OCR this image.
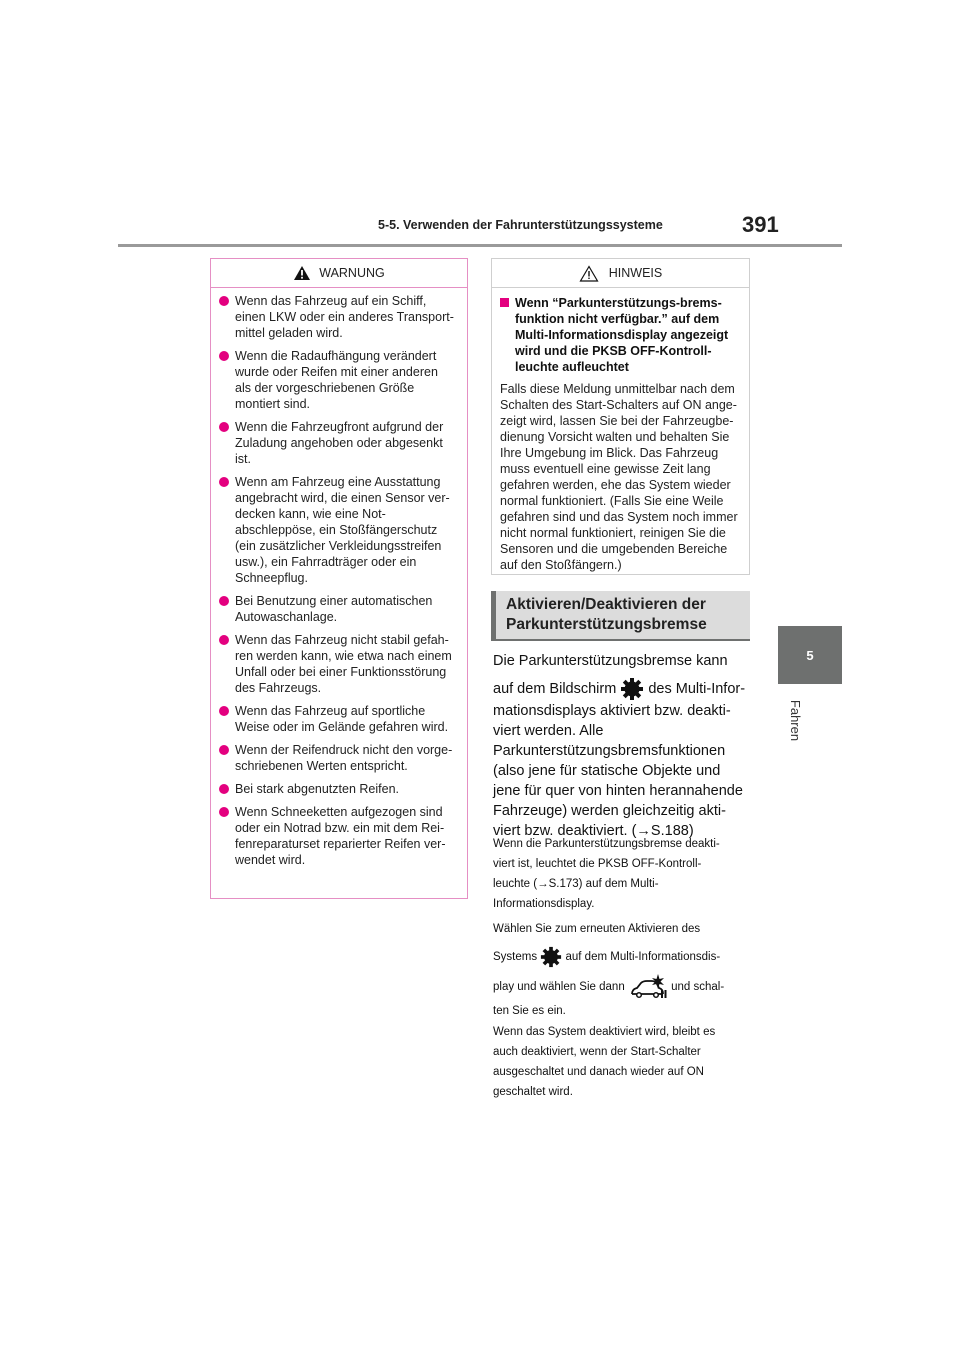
5-5. Verwenden der Fahrunterstützungssysteme	391
5
Fahren
WARNUNG
Wenn das Fahrzeug auf ein Schiff, einen LKW oder ein anderes Transport-mittel geladen wird.
Wenn die Radaufhängung verändert wurde oder Reifen mit einer anderen als der vorgeschriebenen Größe montiert sind.
Wenn die Fahrzeugfront aufgrund der Zuladung angehoben oder abgesenkt ist.
Wenn am Fahrzeug eine Ausstattung angebracht wird, die einen Sensor ver-decken kann, wie eine Not-abschleppöse, ein Stoßfängerschutz (ein zusätzlicher Verkleidungsstreifen usw.), ein Fahrradträger oder ein Schneepflug.
Bei Benutzung einer automatischen Autowaschanlage.
Wenn das Fahrzeug nicht stabil gefah-ren werden kann, wie etwa nach einem Unfall oder bei einer Funktionsstörung des Fahrzeugs.
Wenn das Fahrzeug auf sportliche Weise oder im Gelände gefahren wird.
Wenn der Reifendruck nicht den vorge-schriebenen Werten entspricht.
Bei stark abgenutzten Reifen.
Wenn Schneeketten aufgezogen sind oder ein Notrad bzw. ein mit dem Rei-fenreparaturset reparierter Reifen ver-wendet wird.
HINWEIS
Wenn “Parkunterstützungs-brems-funktion nicht verfügbar.” auf dem Multi-Informationsdisplay angezeigt wird und die PKSB OFF-Kontroll-leuchte aufleuchtet
Falls diese Meldung unmittelbar nach dem Schalten des Start-Schalters auf ON ange-zeigt wird, lassen Sie bei der Fahrzeugbe-dienung Vorsicht walten und behalten Sie Ihre Umgebung im Blick. Das Fahrzeug muss eventuell eine gewisse Zeit lang gefahren werden, ehe das System wieder normal funktioniert. (Falls Sie eine Weile gefahren sind und das System noch immer nicht normal funktioniert, reinigen Sie die Sensoren und die umgebenden Bereiche auf den Stoßfängern.)
Aktivieren/Deaktivieren der
Parkunterstützungsbremse
Die Parkunterstützungsbremse kann
auf dem Bildschirm des Multi-Infor-
mationsdisplays aktiviert bzw. deakti-
viert werden. Alle
Parkunterstützungsbremsfunktionen
(also jene für statische Objekte und
jene für quer von hinten herannahende
Fahrzeuge) werden gleichzeitig akti-
viert bzw. deaktiviert. (→S.188)
Wenn die Parkunterstützungsbremse deakti-
viert ist, leuchtet die PKSB OFF-Kontroll-
leuchte (→S.173) auf dem Multi-
Informationsdisplay.
Wählen Sie zum erneuten Aktivieren des
Systems auf dem Multi-Informationsdis-
play und wählen Sie dann	und schal-
ten Sie es ein.
Wenn das System deaktiviert wird, bleibt es
auch deaktiviert, wenn der Start-Schalter
ausgeschaltet und danach wieder auf ON
geschaltet wird.
